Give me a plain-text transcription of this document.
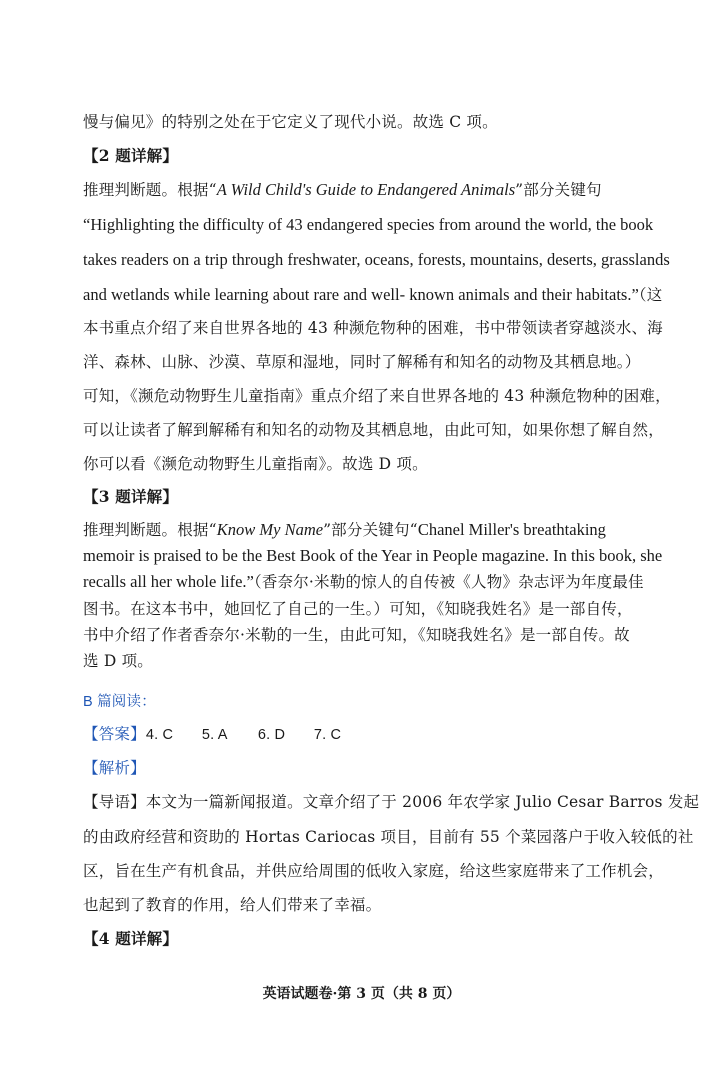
慢与偏见》的特别之处在于它定义了现代小说。故选 C 项。
【2 题详解】
推理判断题。根据“A Wild Child's Guide to Endangered Animals”部分关键句
“Highlighting the difficulty of 43 endangered species from around the world, the book
takes readers on a trip through freshwater, oceans, forests, mountains, deserts, grasslands
and wetlands while learning about rare and well- known animals and their habitats.”（这
本书重点介绍了来自世界各地的 43 种濒危物种的困难，书中带领读者穿越淡水、海
洋、森林、山脉、沙漠、草原和湿地，同时了解稀有和知名的动物及其栖息地。）
可知，《濒危动物野生儿童指南》重点介绍了来自世界各地的 43 种濒危物种的困难，
可以让读者了解到解稀有和知名的动物及其栖息地，由此可知，如果你想了解自然，
你可以看《濒危动物野生儿童指南》。故选 D 项。
【3 题详解】
推理判断题。根据“Know My Name”部分关键句“Chanel Miller's breathtaking
memoir is praised to be the Best Book of the Year in People magazine. In this book, she
recalls all her whole life.”（香奈尔·米勒的惊人的自传被《人物》杂志评为年度最佳
图书。在这本书中，她回忆了自己的一生。）可知，《知晓我姓名》是一部自传，
书中介绍了作者香奈尔·米勒的一生，由此可知，《知晓我姓名》是一部自传。故
选 D 项。
B 篇阅读：
【答案】4. C 5. A 6. D 7. C
【解析】
【导语】本文为一篇新闻报道。文章介绍了于 2006 年农学家 Julio Cesar Barros 发起
的由政府经营和资助的 Hortas Cariocas 项目，目前有 55 个菜园落户于收入较低的社
区，旨在生产有机食品，并供应给周围的低收入家庭，给这些家庭带来了工作机会，
也起到了教育的作用，给人们带来了幸福。
【4 题详解】
英语试题卷·第 3 页（共 8 页）
